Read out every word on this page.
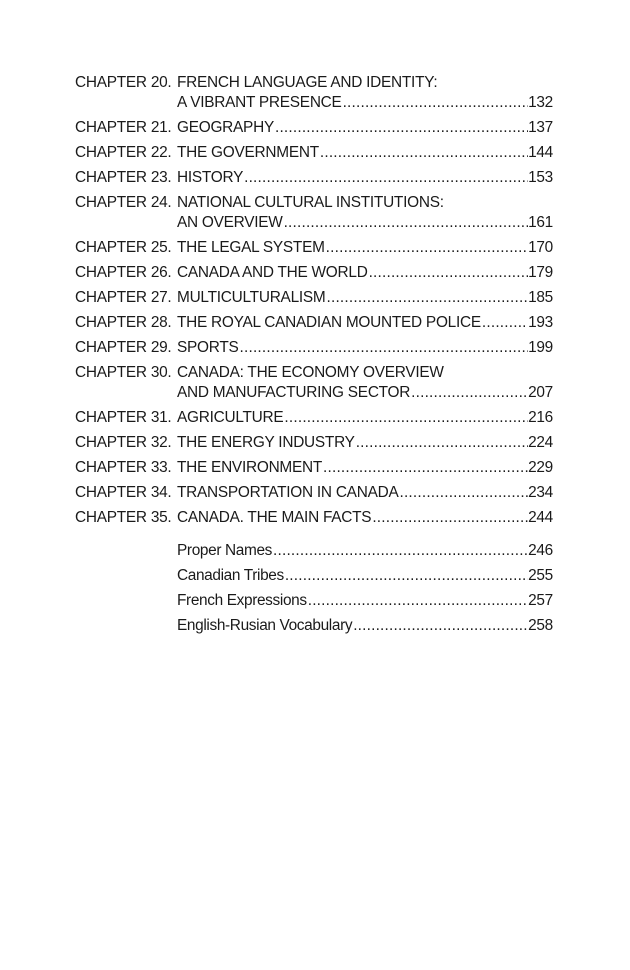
CHAPTER 20. FRENCH LANGUAGE AND IDENTITY:
A VIBRANT PRESENCE .....	132
CHAPTER 21. GEOGRAPHY .....	137
CHAPTER 22. THE GOVERNMENT .....	144
CHAPTER 23. HISTORY .....	153
CHAPTER 24. NATIONAL CULTURAL INSTITUTIONS:
AN OVERVIEW .....	161
CHAPTER 25. THE LEGAL SYSTEM .....	170
CHAPTER 26. CANADA AND THE WORLD .....	179
CHAPTER 27. MULTICULTURALISM .....	185
CHAPTER 28. THE ROYAL CANADIAN MOUNTED POLICE .....	193
CHAPTER 29. SPORTS .....	199
CHAPTER 30. CANADA: THE ECONOMY OVERVIEW
AND MANUFACTURING SECTOR .....	207
CHAPTER 31. AGRICULTURE .....	216
CHAPTER 32. THE ENERGY INDUSTRY .....	224
CHAPTER 33. THE ENVIRONMENT .....	229
CHAPTER 34. TRANSPORTATION IN CANADA .....	234
CHAPTER 35. CANADA. THE MAIN FACTS .....	244
Proper Names .....	246
Canadian Tribes .....	255
French Expressions .....	257
English-Rusian Vocabulary .....	258
